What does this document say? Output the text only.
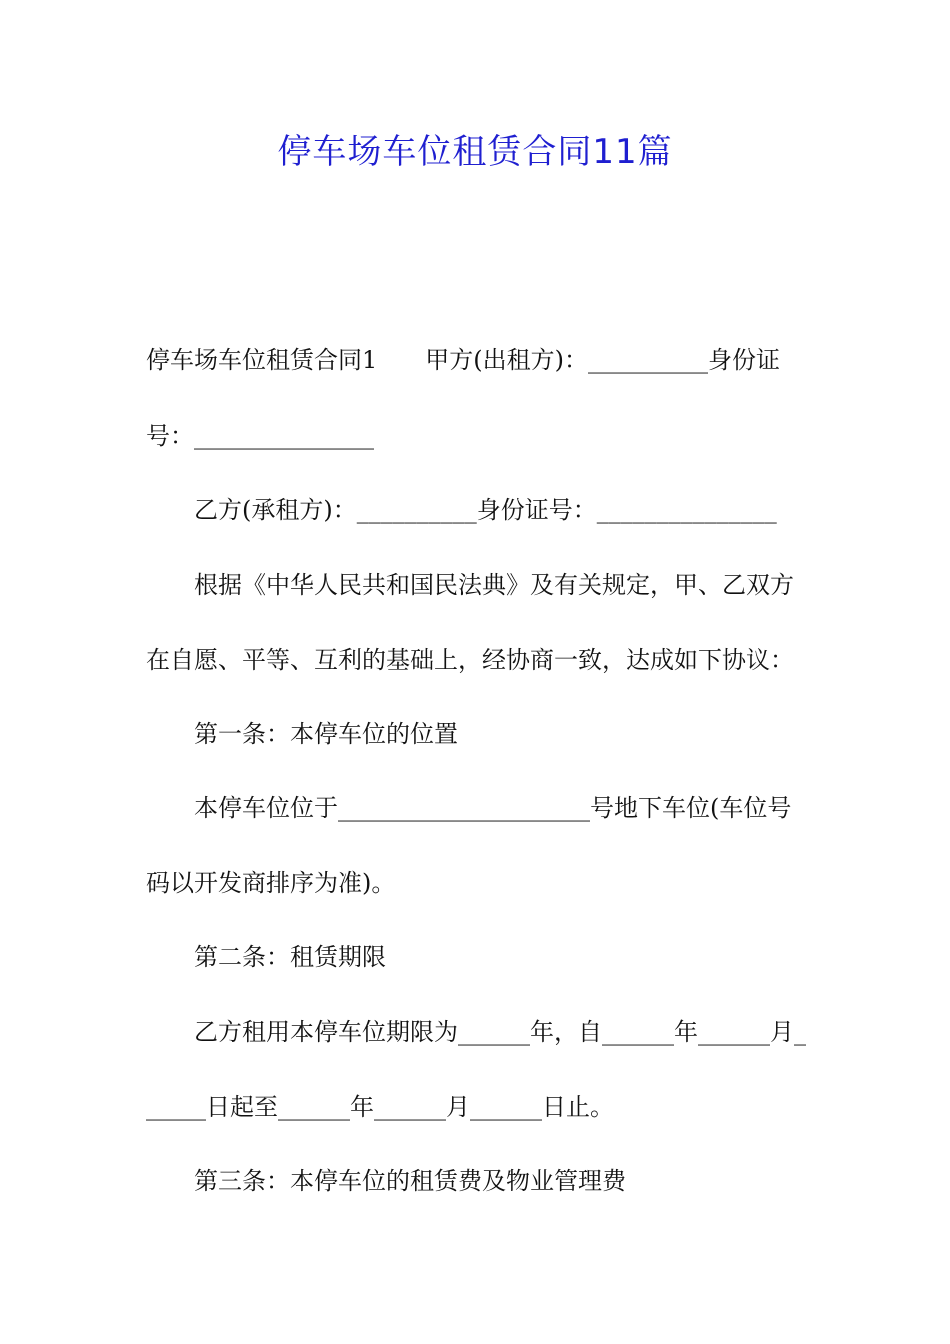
停车场车位租赁合同11篇
停车场车位租赁合同1　　甲方(出租方)：__________身份证
号：_______________
乙方(承租方)：__________身份证号：_______________
根据《中华人民共和国民法典》及有关规定，甲、乙双方
在自愿、平等、互利的基础上，经协商一致，达成如下协议：
第一条：本停车位的位置
本停车位位于_____________________号地下车位(车位号
码以开发商排序为准)。
第二条：租赁期限
乙方租用本停车位期限为______年，自______年______月_
_____日起至______年______月______日止。
第三条：本停车位的租赁费及物业管理费
